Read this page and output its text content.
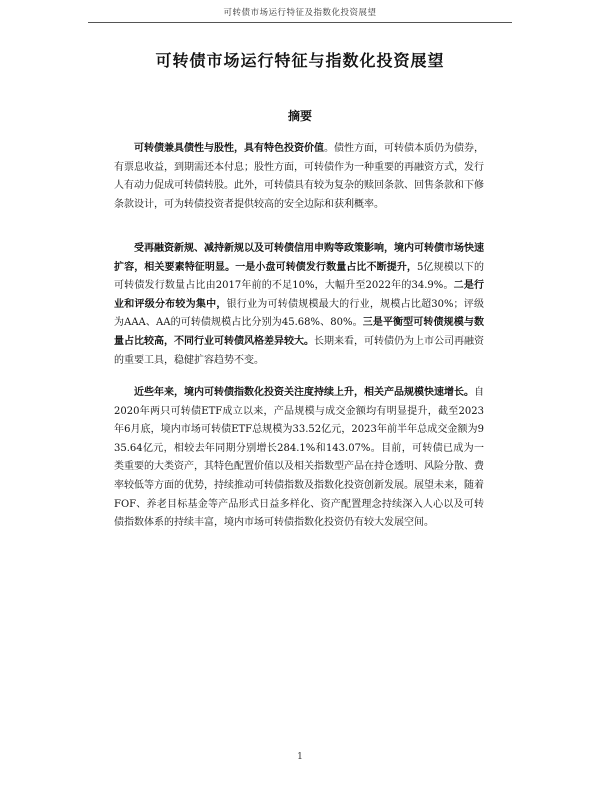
可转债市场运行特征及指数化投资展望
可转债市场运行特征与指数化投资展望
摘要

可转债兼具债性与股性，具有特色投资价值。债性方面，可转债本质仍为债券，有票息收益，到期需还本付息；股性方面，可转债作为一种重要的再融资方式，发行人有动力促成可转债转股。此外，可转债具有较为复杂的赎回条款、回售条款和下修条款设计，可为转债投资者提供较高的安全边际和获利概率。

受再融资新规、减持新规以及可转债信用申购等政策影响，境内可转债市场快速扩容，相关要素特征明显。一是小盘可转债发行数量占比不断提升，5亿规模以下的可转债发行数量占比由2017年前的不足10%，大幅升至2022年的34.9%。二是行业和评级分布较为集中，银行业为可转债规模最大的行业，规模占比超30%；评级为AAA、AA的可转债规模占比分别为45.68%、80%。三是平衡型可转债规模与数量占比较高，不同行业可转债风格差异较大。长期来看，可转债仍为上市公司再融资的重要工具，稳健扩容趋势不变。

近些年来，境内可转债指数化投资关注度持续上升，相关产品规模快速增长。自2020年两只可转债ETF成立以来，产品规模与成交金额均有明显提升，截至2023年6月底，境内市场可转债ETF总规模为33.52亿元，2023年前半年总成交金额为935.64亿元，相较去年同期分别增长284.1%和143.07%。目前，可转债已成为一类重要的大类资产，其特色配置价值以及相关指数型产品在持仓透明、风险分散、费率较低等方面的优势，持续推动可转债指数及指数化投资创新发展。展望未来，随着FOF、养老目标基金等产品形式日益多样化、资产配置理念持续深入人心以及可转债指数体系的持续丰富，境内市场可转债指数化投资仍有较大发展空间。

1
